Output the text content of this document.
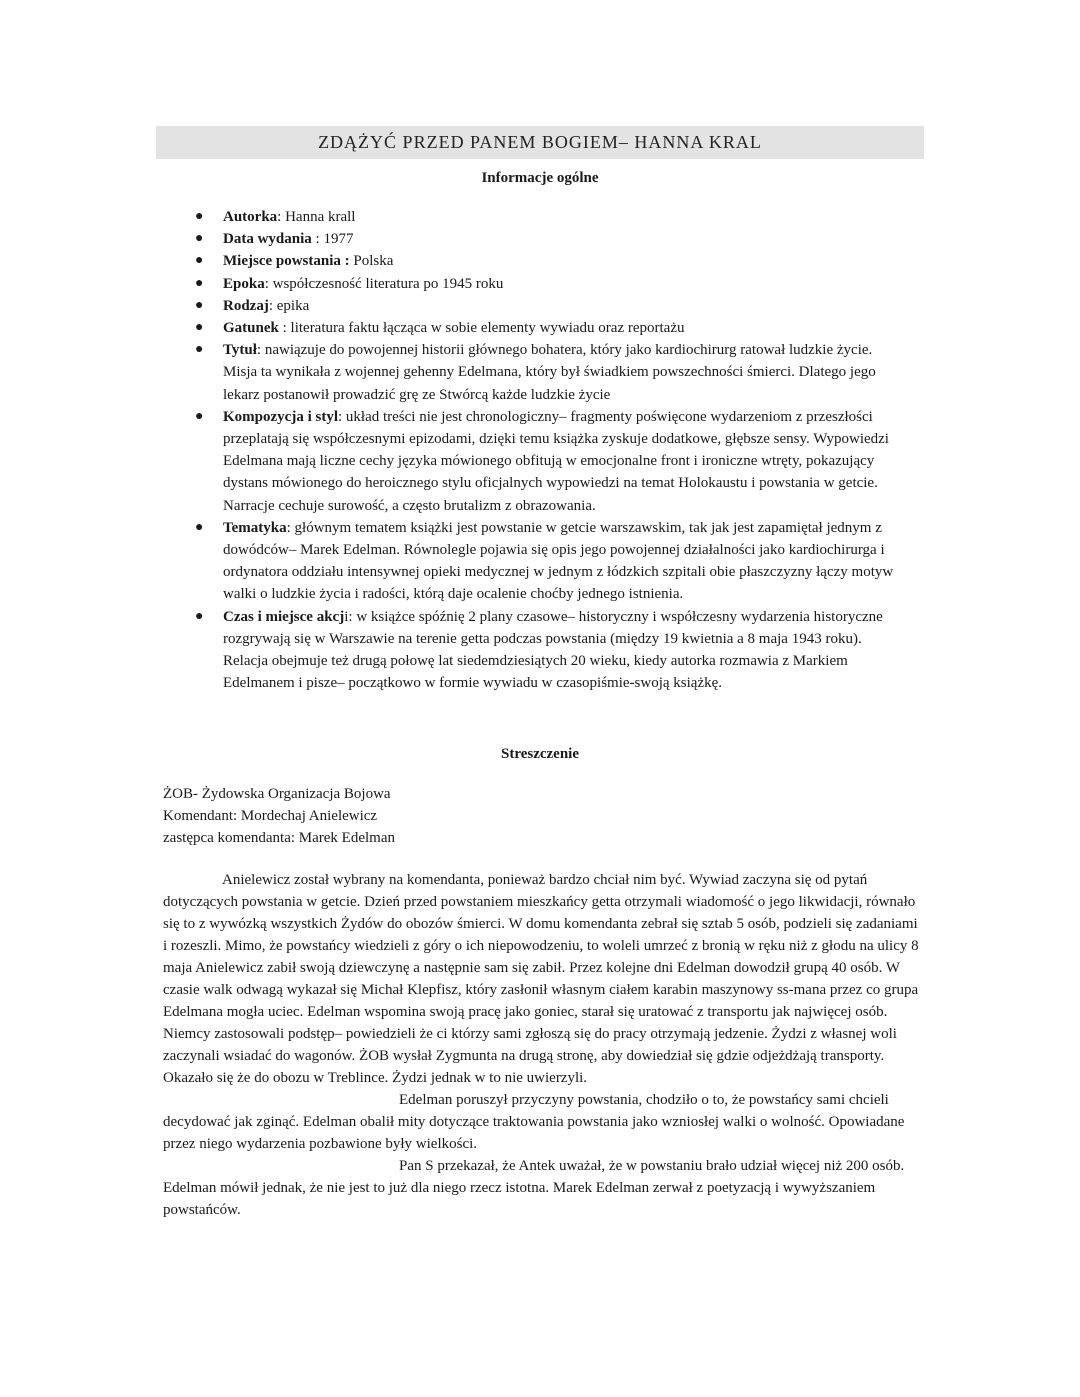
ZDĄŻYĆ PRZED PANEM BOGIEM– HANNA KRAL
Informacje ogólne
● Autorka: Hanna krall
● Data wydania : 1977
● Miejsce powstania : Polska
● Epoka: współczesność literatura po 1945 roku
● Rodzaj: epika
● Gatunek : literatura faktu łącząca w sobie elementy wywiadu oraz reportażu
● Tytuł: nawiązuje do powojennej historii głównego bohatera, który jako kardiochirurg ratował ludzkie życie. Misja ta wynikała z wojennej gehenny Edelmana, który był świadkiem powszechności śmierci. Dlatego jego lekarz postanowił prowadzić grę ze Stwórcą każde ludzkie życie
● Kompozycja i styl: układ treści nie jest chronologiczny– fragmenty poświęcone wydarzeniom z przeszłości przeplatają się współczesnymi epizodami, dzięki temu książka zyskuje dodatkowe, głębsze sensy. Wypowiedzi Edelmana mają liczne cechy języka mówionego obfitują w emocjonalne front i ironiczne wtręty, pokazujący dystans mówionego do heroicznego stylu oficjalnych wypowiedzi na temat Holokaustu i powstania w getcie. Narracje cechuje surowość, a często brutalizm z obrazowania.
● Tematyka: głównym tematem książki jest powstanie w getcie warszawskim, tak jak jest zapamiętał jednym z dowódców– Marek Edelman. Równolegle pojawia się opis jego powojennej działalności jako kardiochirurga i ordynatora oddziału intensywnej opieki medycznej w jednym z łódzkich szpitali obie płaszczyzny łączy motyw walki o ludzkie życia i radości, którą daje ocalenie choćby jednego istnienia.
● Czas i miejsce akcji: w książce spóźnię 2 plany czasowe– historyczny i współczesny wydarzenia historyczne rozgrywają się w Warszawie na terenie getta podczas powstania (między 19 kwietnia a 8 maja 1943 roku). Relacja obejmuje też drugą połowę lat siedemdziesiątych 20 wieku, kiedy autorka rozmawia z Markiem Edelmanem i pisze– początkowo w formie wywiadu w czasopiśmie-swoją książkę.
Streszczenie

ŻOB- Żydowska Organizacja Bojowa

Komendant: Mordechaj Anielewicz

zastępca komendanta: Marek Edelman

Anielewicz został wybrany na komendanta, ponieważ bardzo chciał nim być. Wywiad zaczyna się od pytań dotyczących powstania w getcie. Dzień przed powstaniem mieszkańcy getta otrzymali wiadomość o jego likwidacji, równało się to z wywózką wszystkich Żydów do obozów śmierci. W domu komendanta zebrał się sztab 5 osób, podzieli się zadaniami i rozeszli. Mimo, że powstańcy wiedzieli z góry o ich niepowodzeniu, to woleli umrzeć z bronią w ręku niż z głodu na ulicy 8 maja Anielewicz zabił swoją dziewczynę a następnie sam się zabił. Przez kolejne dni Edelman dowodził grupą 40 osób. W czasie walk odwagą wykazał się Michał Klepfisz, który zasłonił własnym ciałem karabin maszynowy ss-mana przez co grupa Edelmana mogła uciec. Edelman wspomina swoją pracę jako goniec, starał się uratować z transportu jak najwięcej osób. Niemcy zastosowali podstęp– powiedzieli że ci którzy sami zgłoszą się do pracy otrzymają jedzenie. Żydzi z własnej woli zaczynali wsiadać do wagonów. ŻOB wysłał Zygmunta na drugą stronę, aby dowiedział się gdzie odjeżdżają transporty. Okazało się że do obozu w Treblince. Żydzi jednak w to nie uwierzyli.

Edelman poruszył przyczyny powstania, chodziło o to, że powstańcy sami chcieli decydować jak zginąć. Edelman obalił mity dotyczące traktowania powstania jako wzniosłej walki o wolność. Opowiadane przez niego wydarzenia pozbawione były wielkości.

Pan S przekazał, że Antek uważał, że w powstaniu brało udział więcej niż 200 osób. Edelman mówił jednak, że nie jest to już dla niego rzecz istotna. Marek Edelman zerwał z poetyzacją i wywyższaniem powstańców.
